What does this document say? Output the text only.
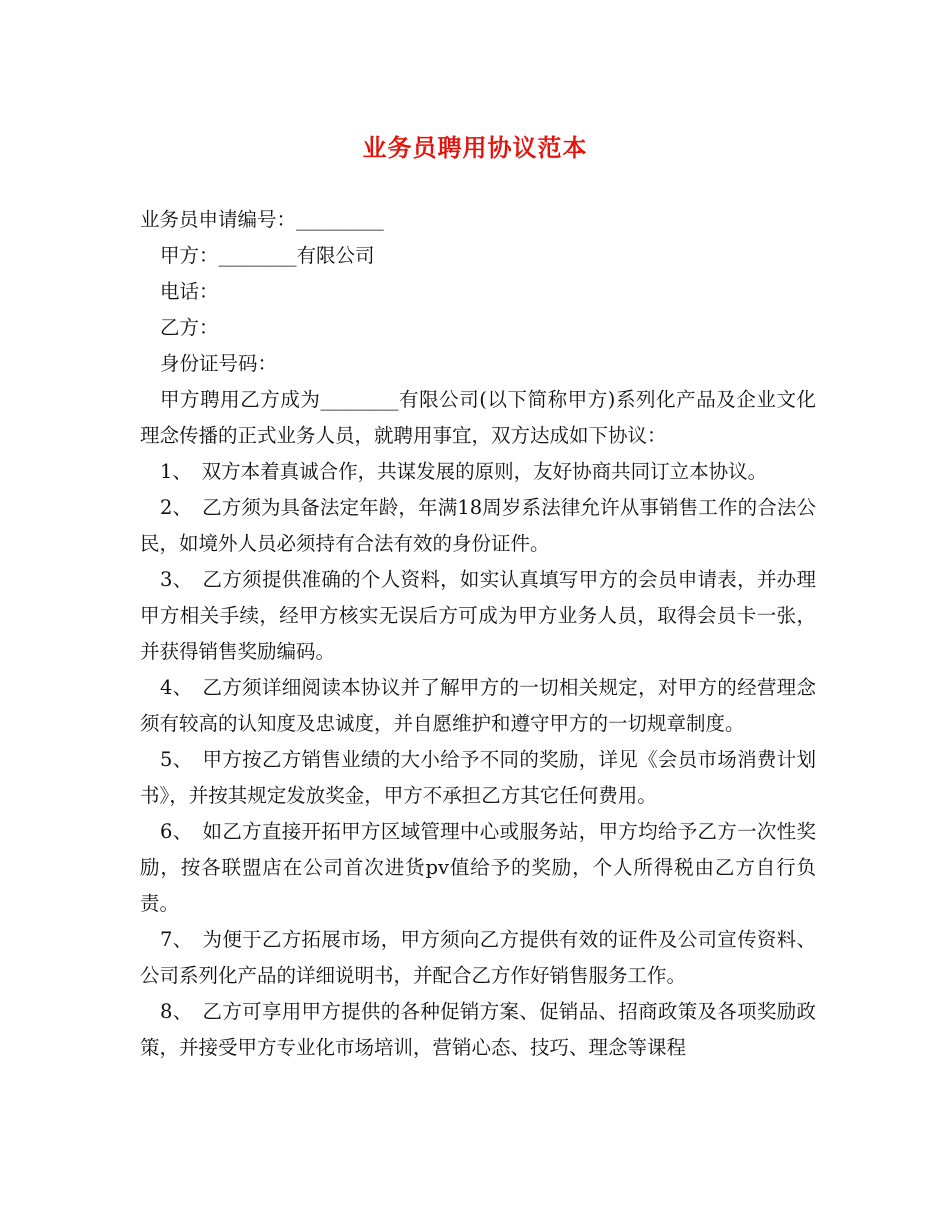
业务员聘用协议范本
业务员申请编号：_________
甲方：________有限公司
电话：
乙方：
身份证号码：

甲方聘用乙方成为________有限公司(以下简称甲方)系列化产品及企业文化理念传播的正式业务人员，就聘用事宜，双方达成如下协议：

1、　双方本着真诚合作，共谋发展的原则，友好协商共同订立本协议。

2、　乙方须为具备法定年龄，年满18周岁系法律允许从事销售工作的合法公民，如境外人员必须持有合法有效的身份证件。

3、　乙方须提供准确的个人资料，如实认真填写甲方的会员申请表，并办理甲方相关手续，经甲方核实无误后方可成为甲方业务人员，取得会员卡一张，并获得销售奖励编码。

4、　乙方须详细阅读本协议并了解甲方的一切相关规定，对甲方的经营理念须有较高的认知度及忠诚度，并自愿维护和遵守甲方的一切规章制度。

5、　甲方按乙方销售业绩的大小给予不同的奖励，详见《会员市场消费计划书》，并按其规定发放奖金，甲方不承担乙方其它任何费用。

6、　如乙方直接开拓甲方区域管理中心或服务站，甲方均给予乙方一次性奖励，按各联盟店在公司首次进货pv值给予的奖励，个人所得税由乙方自行负责。

7、　为便于乙方拓展市场，甲方须向乙方提供有效的证件及公司宣传资料、公司系列化产品的详细说明书，并配合乙方作好销售服务工作。

8、　乙方可享用甲方提供的各种促销方案、促销品、招商政策及各项奖励政策，并接受甲方专业化市场培训，营销心态、技巧、理念等课程
